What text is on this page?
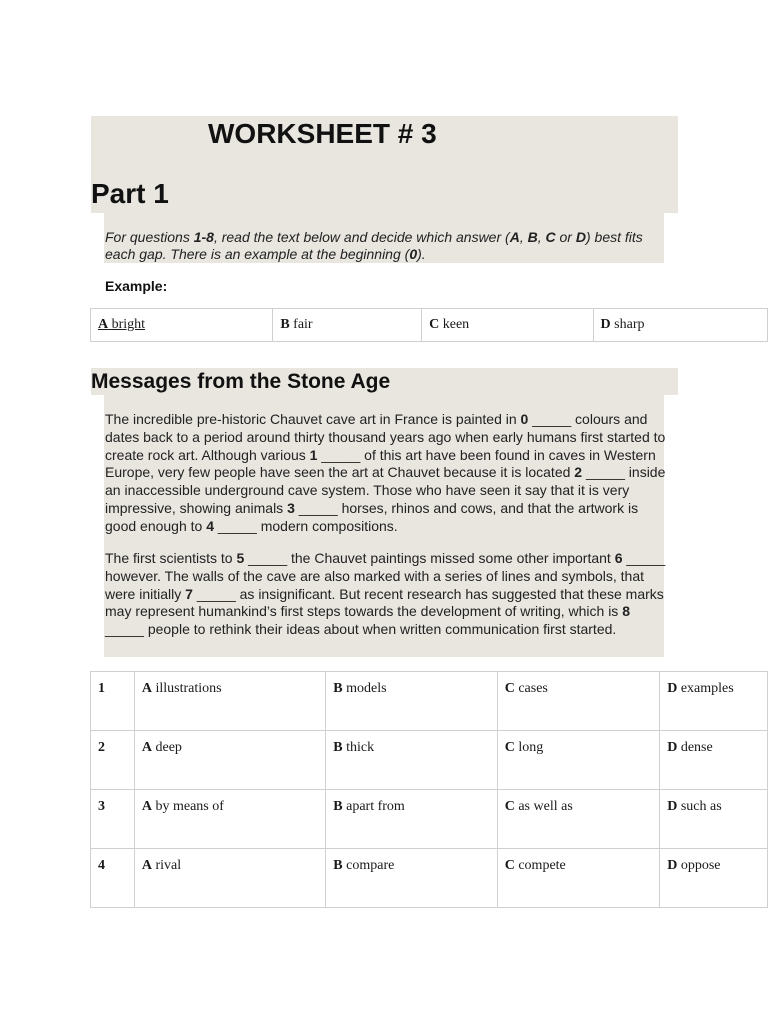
WORKSHEET # 3
Part 1

For questions 1-8, read the text below and decide which answer (A, B, C or D) best fits each gap. There is an example at the beginning (0).

Example:

A bright	B fair	C keen	D sharp
Messages from the Stone Age

The incredible pre-historic Chauvet cave art in France is painted in 0 _____ colours and dates back to a period around thirty thousand years ago when early humans first started to create rock art. Although various 1 _____ of this art have been found in caves in Western Europe, very few people have seen the art at Chauvet because it is located 2 _____ inside an inaccessible underground cave system. Those who have seen it say that it is very impressive, showing animals 3 _____ horses, rhinos and cows, and that the artwork is good enough to 4 _____ modern compositions.

The first scientists to 5 _____ the Chauvet paintings missed some other important 6 _____ however. The walls of the cave are also marked with a series of lines and symbols, that were initially 7 _____ as insignificant. But recent research has suggested that these marks may represent humankind’s first steps towards the development of writing, which is 8 _____ people to rethink their ideas about when written communication first started.

1	A illustrations	B models	C cases	D examples
2	A deep	B thick	C long	D dense
3	A by means of	B apart from	C as well as	D such as
4	A rival	B compare	C compete	D oppose
